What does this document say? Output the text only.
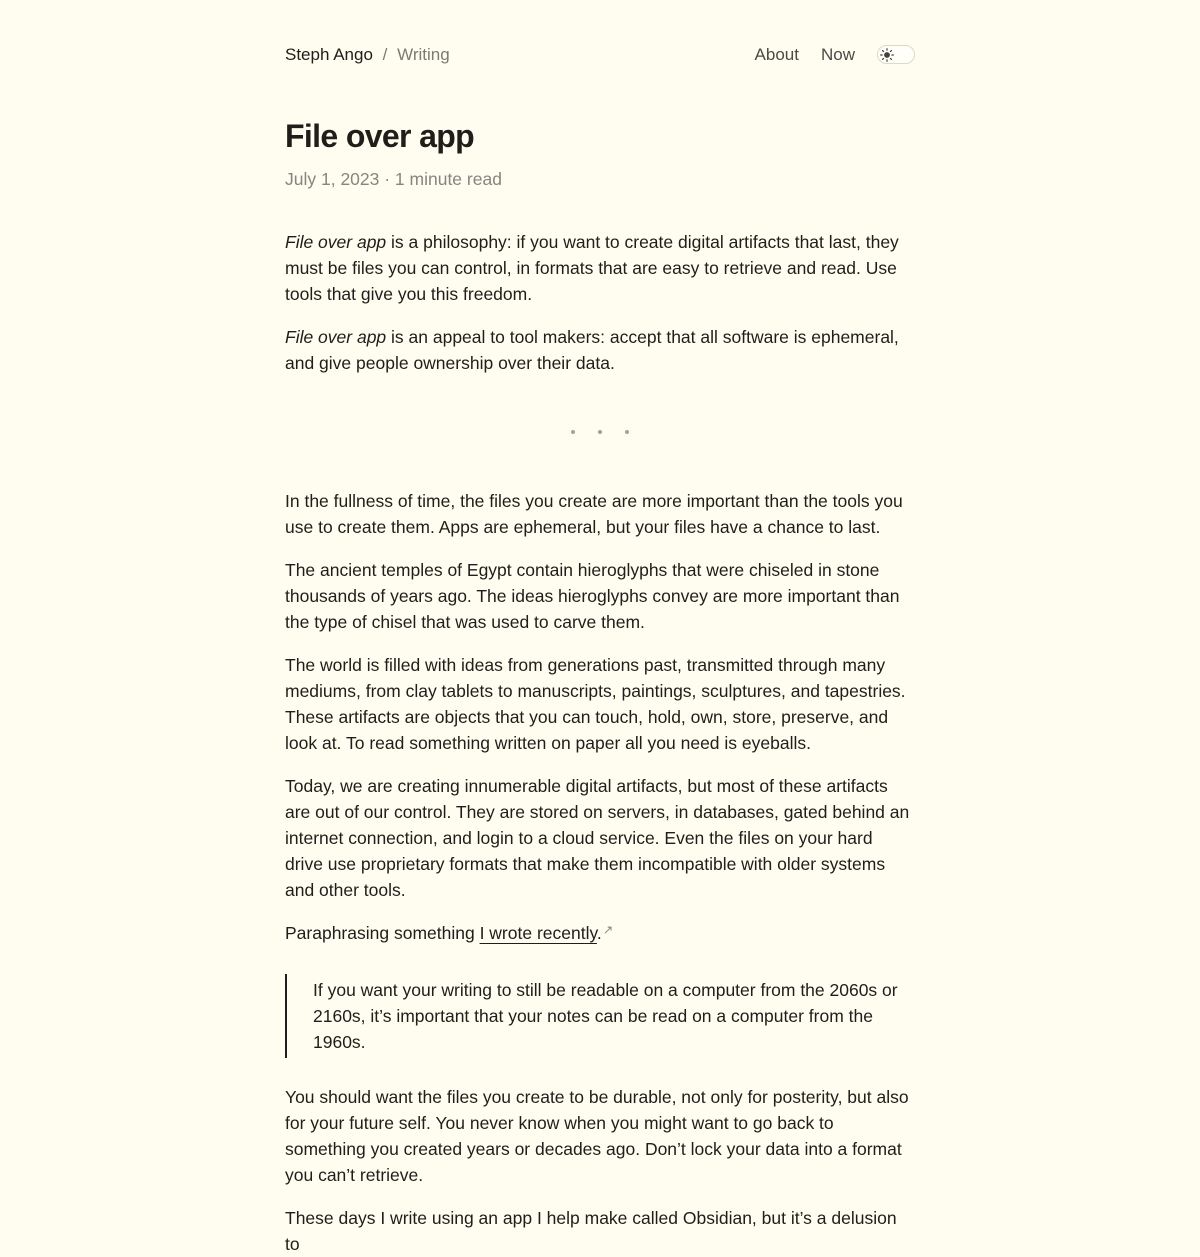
Steph Ango / Writing	About Now
File over app
July 1, 2023 · 1 minute read

File over app is a philosophy: if you want to create digital artifacts that last, they must be files you can control, in formats that are easy to retrieve and read. Use tools that give you this freedom.

File over app is an appeal to tool makers: accept that all software is ephemeral, and give people ownership over their data.

In the fullness of time, the files you create are more important than the tools you use to create them. Apps are ephemeral, but your files have a chance to last.

The ancient temples of Egypt contain hieroglyphs that were chiseled in stone thousands of years ago. The ideas hieroglyphs convey are more important than the type of chisel that was used to carve them.

The world is filled with ideas from generations past, transmitted through many mediums, from clay tablets to manuscripts, paintings, sculptures, and tapestries. These artifacts are objects that you can touch, hold, own, store, preserve, and look at. To read something written on paper all you need is eyeballs.

Today, we are creating innumerable digital artifacts, but most of these artifacts are out of our control. They are stored on servers, in databases, gated behind an internet connection, and login to a cloud service. Even the files on your hard drive use proprietary formats that make them incompatible with older systems and other tools.

Paraphrasing something I wrote recently.↗

If you want your writing to still be readable on a computer from the 2060s or 2160s, it’s important that your notes can be read on a computer from the 1960s.

You should want the files you create to be durable, not only for posterity, but also for your future self. You never know when you might want to go back to something you created years or decades ago. Don’t lock your data into a format you can’t retrieve.

These days I write using an app I help make called Obsidian, but it’s a delusion to
